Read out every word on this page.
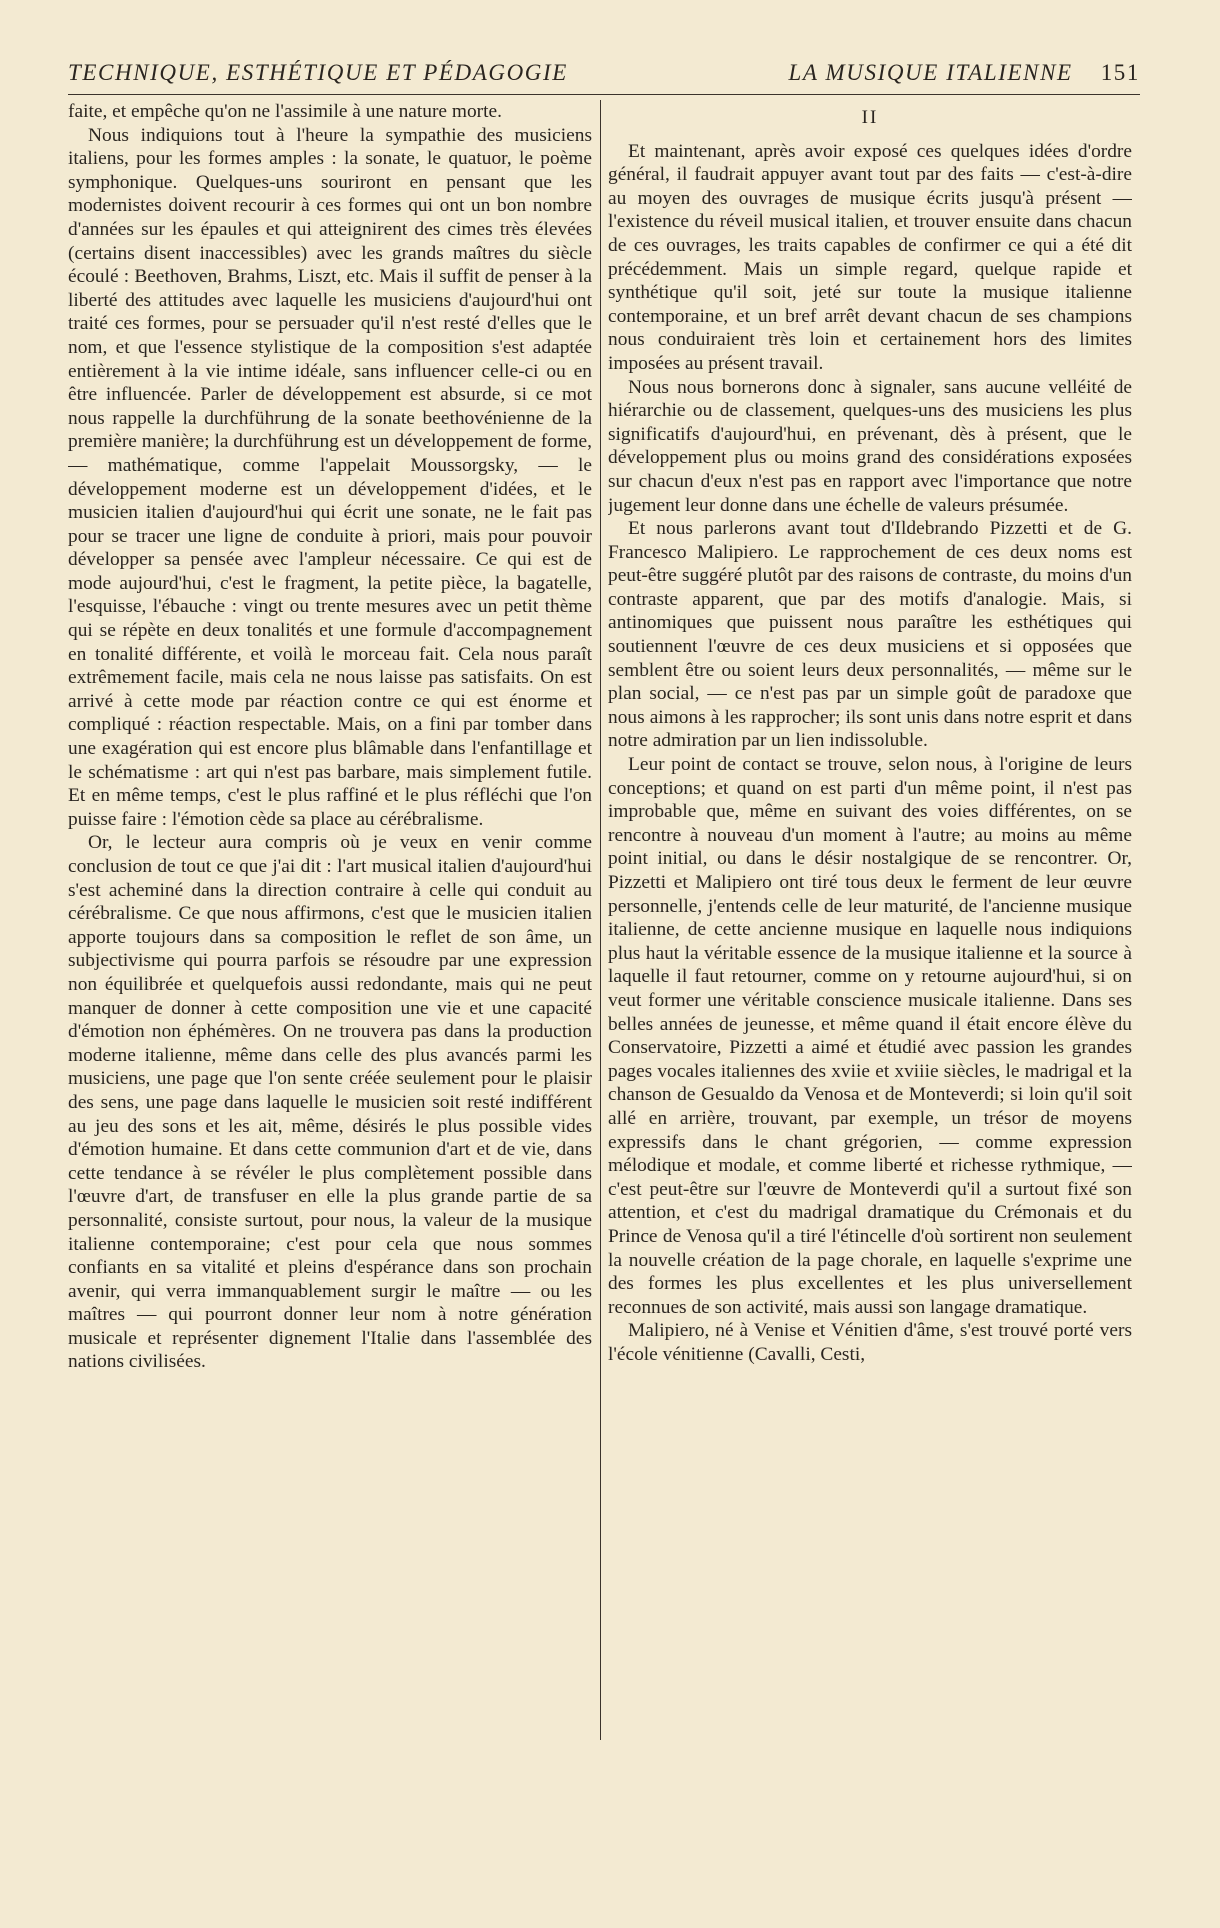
TECHNIQUE, ESTHÉTIQUE ET PÉDAGOGIE	LA MUSIQUE ITALIENNE 151

faite, et empêche qu'on ne l'assimile à une nature morte.

Nous indiquions tout à l'heure la sympathie des musiciens italiens, pour les formes amples : la sonate, le quatuor, le poème symphonique. Quelques-uns souriront en pensant que les modernistes doivent recourir à ces formes qui ont un bon nombre d'années sur les épaules et qui atteignirent des cimes très élevées (certains disent inaccessibles) avec les grands maîtres du siècle écoulé : Beethoven, Brahms, Liszt, etc. Mais il suffit de penser à la liberté des attitudes avec laquelle les musiciens d'aujourd'hui ont traité ces formes, pour se persuader qu'il n'est resté d'elles que le nom, et que l'essence stylistique de la composition s'est adaptée entièrement à la vie intime idéale, sans influencer celle-ci ou en être influencée. Parler de développement est absurde, si ce mot nous rappelle la durchführung de la sonate beethovénienne de la première manière; la durchführung est un développement de forme, — mathématique, comme l'appelait Moussorgsky, — le développement moderne est un développement d'idées, et le musicien italien d'aujourd'hui qui écrit une sonate, ne le fait pas pour se tracer une ligne de conduite à priori, mais pour pouvoir développer sa pensée avec l'ampleur nécessaire. Ce qui est de mode aujourd'hui, c'est le fragment, la petite pièce, la bagatelle, l'esquisse, l'ébauche : vingt ou trente mesures avec un petit thème qui se répète en deux tonalités et une formule d'accompagnement en tonalité différente, et voilà le morceau fait. Cela nous paraît extrêmement facile, mais cela ne nous laisse pas satisfaits. On est arrivé à cette mode par réaction contre ce qui est énorme et compliqué : réaction respectable. Mais, on a fini par tomber dans une exagération qui est encore plus blâmable dans l'enfantillage et le schématisme : art qui n'est pas barbare, mais simplement futile. Et en même temps, c'est le plus raffiné et le plus réfléchi que l'on puisse faire : l'émotion cède sa place au cérébralisme.

Or, le lecteur aura compris où je veux en venir comme conclusion de tout ce que j'ai dit : l'art musical italien d'aujourd'hui s'est acheminé dans la direction contraire à celle qui conduit au cérébralisme. Ce que nous affirmons, c'est que le musicien italien apporte toujours dans sa composition le reflet de son âme, un subjectivisme qui pourra parfois se résoudre par une expression non équilibrée et quelquefois aussi redondante, mais qui ne peut manquer de donner à cette composition une vie et une capacité d'émotion non éphémères. On ne trouvera pas dans la production moderne italienne, même dans celle des plus avancés parmi les musiciens, une page que l'on sente créée seulement pour le plaisir des sens, une page dans laquelle le musicien soit resté indifférent au jeu des sons et les ait, même, désirés le plus possible vides d'émotion humaine. Et dans cette communion d'art et de vie, dans cette tendance à se révéler le plus complètement possible dans l'œuvre d'art, de transfuser en elle la plus grande partie de sa personnalité, consiste surtout, pour nous, la valeur de la musique italienne contemporaine; c'est pour cela que nous sommes confiants en sa vitalité et pleins d'espérance dans son prochain avenir, qui verra immanquablement surgir le maître — ou les maîtres — qui pourront donner leur nom à notre génération musicale et représenter dignement l'Italie dans l'assemblée des nations civilisées.

II

Et maintenant, après avoir exposé ces quelques idées d'ordre général, il faudrait appuyer avant tout par des faits — c'est-à-dire au moyen des ouvrages de musique écrits jusqu'à présent — l'existence du réveil musical italien, et trouver ensuite dans chacun de ces ouvrages, les traits capables de confirmer ce qui a été dit précédemment. Mais un simple regard, quelque rapide et synthétique qu'il soit, jeté sur toute la musique italienne contemporaine, et un bref arrêt devant chacun de ses champions nous conduiraient très loin et certainement hors des limites imposées au présent travail.

Nous nous bornerons donc à signaler, sans aucune velléité de hiérarchie ou de classement, quelques-uns des musiciens les plus significatifs d'aujourd'hui, en prévenant, dès à présent, que le développement plus ou moins grand des considérations exposées sur chacun d'eux n'est pas en rapport avec l'importance que notre jugement leur donne dans une échelle de valeurs présumée.

Et nous parlerons avant tout d'Ildebrando Pizzetti et de G. Francesco Malipiero. Le rapprochement de ces deux noms est peut-être suggéré plutôt par des raisons de contraste, du moins d'un contraste apparent, que par des motifs d'analogie. Mais, si antinomiques que puissent nous paraître les esthétiques qui soutiennent l'œuvre de ces deux musiciens et si opposées que semblent être ou soient leurs deux personnalités, — même sur le plan social, — ce n'est pas par un simple goût de paradoxe que nous aimons à les rapprocher; ils sont unis dans notre esprit et dans notre admiration par un lien indissoluble.

Leur point de contact se trouve, selon nous, à l'origine de leurs conceptions; et quand on est parti d'un même point, il n'est pas improbable que, même en suivant des voies différentes, on se rencontre à nouveau d'un moment à l'autre; au moins au même point initial, ou dans le désir nostalgique de se rencontrer. Or, Pizzetti et Malipiero ont tiré tous deux le ferment de leur œuvre personnelle, j'entends celle de leur maturité, de l'ancienne musique italienne, de cette ancienne musique en laquelle nous indiquions plus haut la véritable essence de la musique italienne et la source à laquelle il faut retourner, comme on y retourne aujourd'hui, si on veut former une véritable conscience musicale italienne. Dans ses belles années de jeunesse, et même quand il était encore élève du Conservatoire, Pizzetti a aimé et étudié avec passion les grandes pages vocales italiennes des xviie et xviiie siècles, le madrigal et la chanson de Gesualdo da Venosa et de Monteverdi; si loin qu'il soit allé en arrière, trouvant, par exemple, un trésor de moyens expressifs dans le chant grégorien, — comme expression mélodique et modale, et comme liberté et richesse rythmique, — c'est peut-être sur l'œuvre de Monteverdi qu'il a surtout fixé son attention, et c'est du madrigal dramatique du Crémonais et du Prince de Venosa qu'il a tiré l'étincelle d'où sortirent non seulement la nouvelle création de la page chorale, en laquelle s'exprime une des formes les plus excellentes et les plus universellement reconnues de son activité, mais aussi son langage dramatique.

Malipiero, né à Venise et Vénitien d'âme, s'est trouvé porté vers l'école vénitienne (Cavalli, Cesti,
